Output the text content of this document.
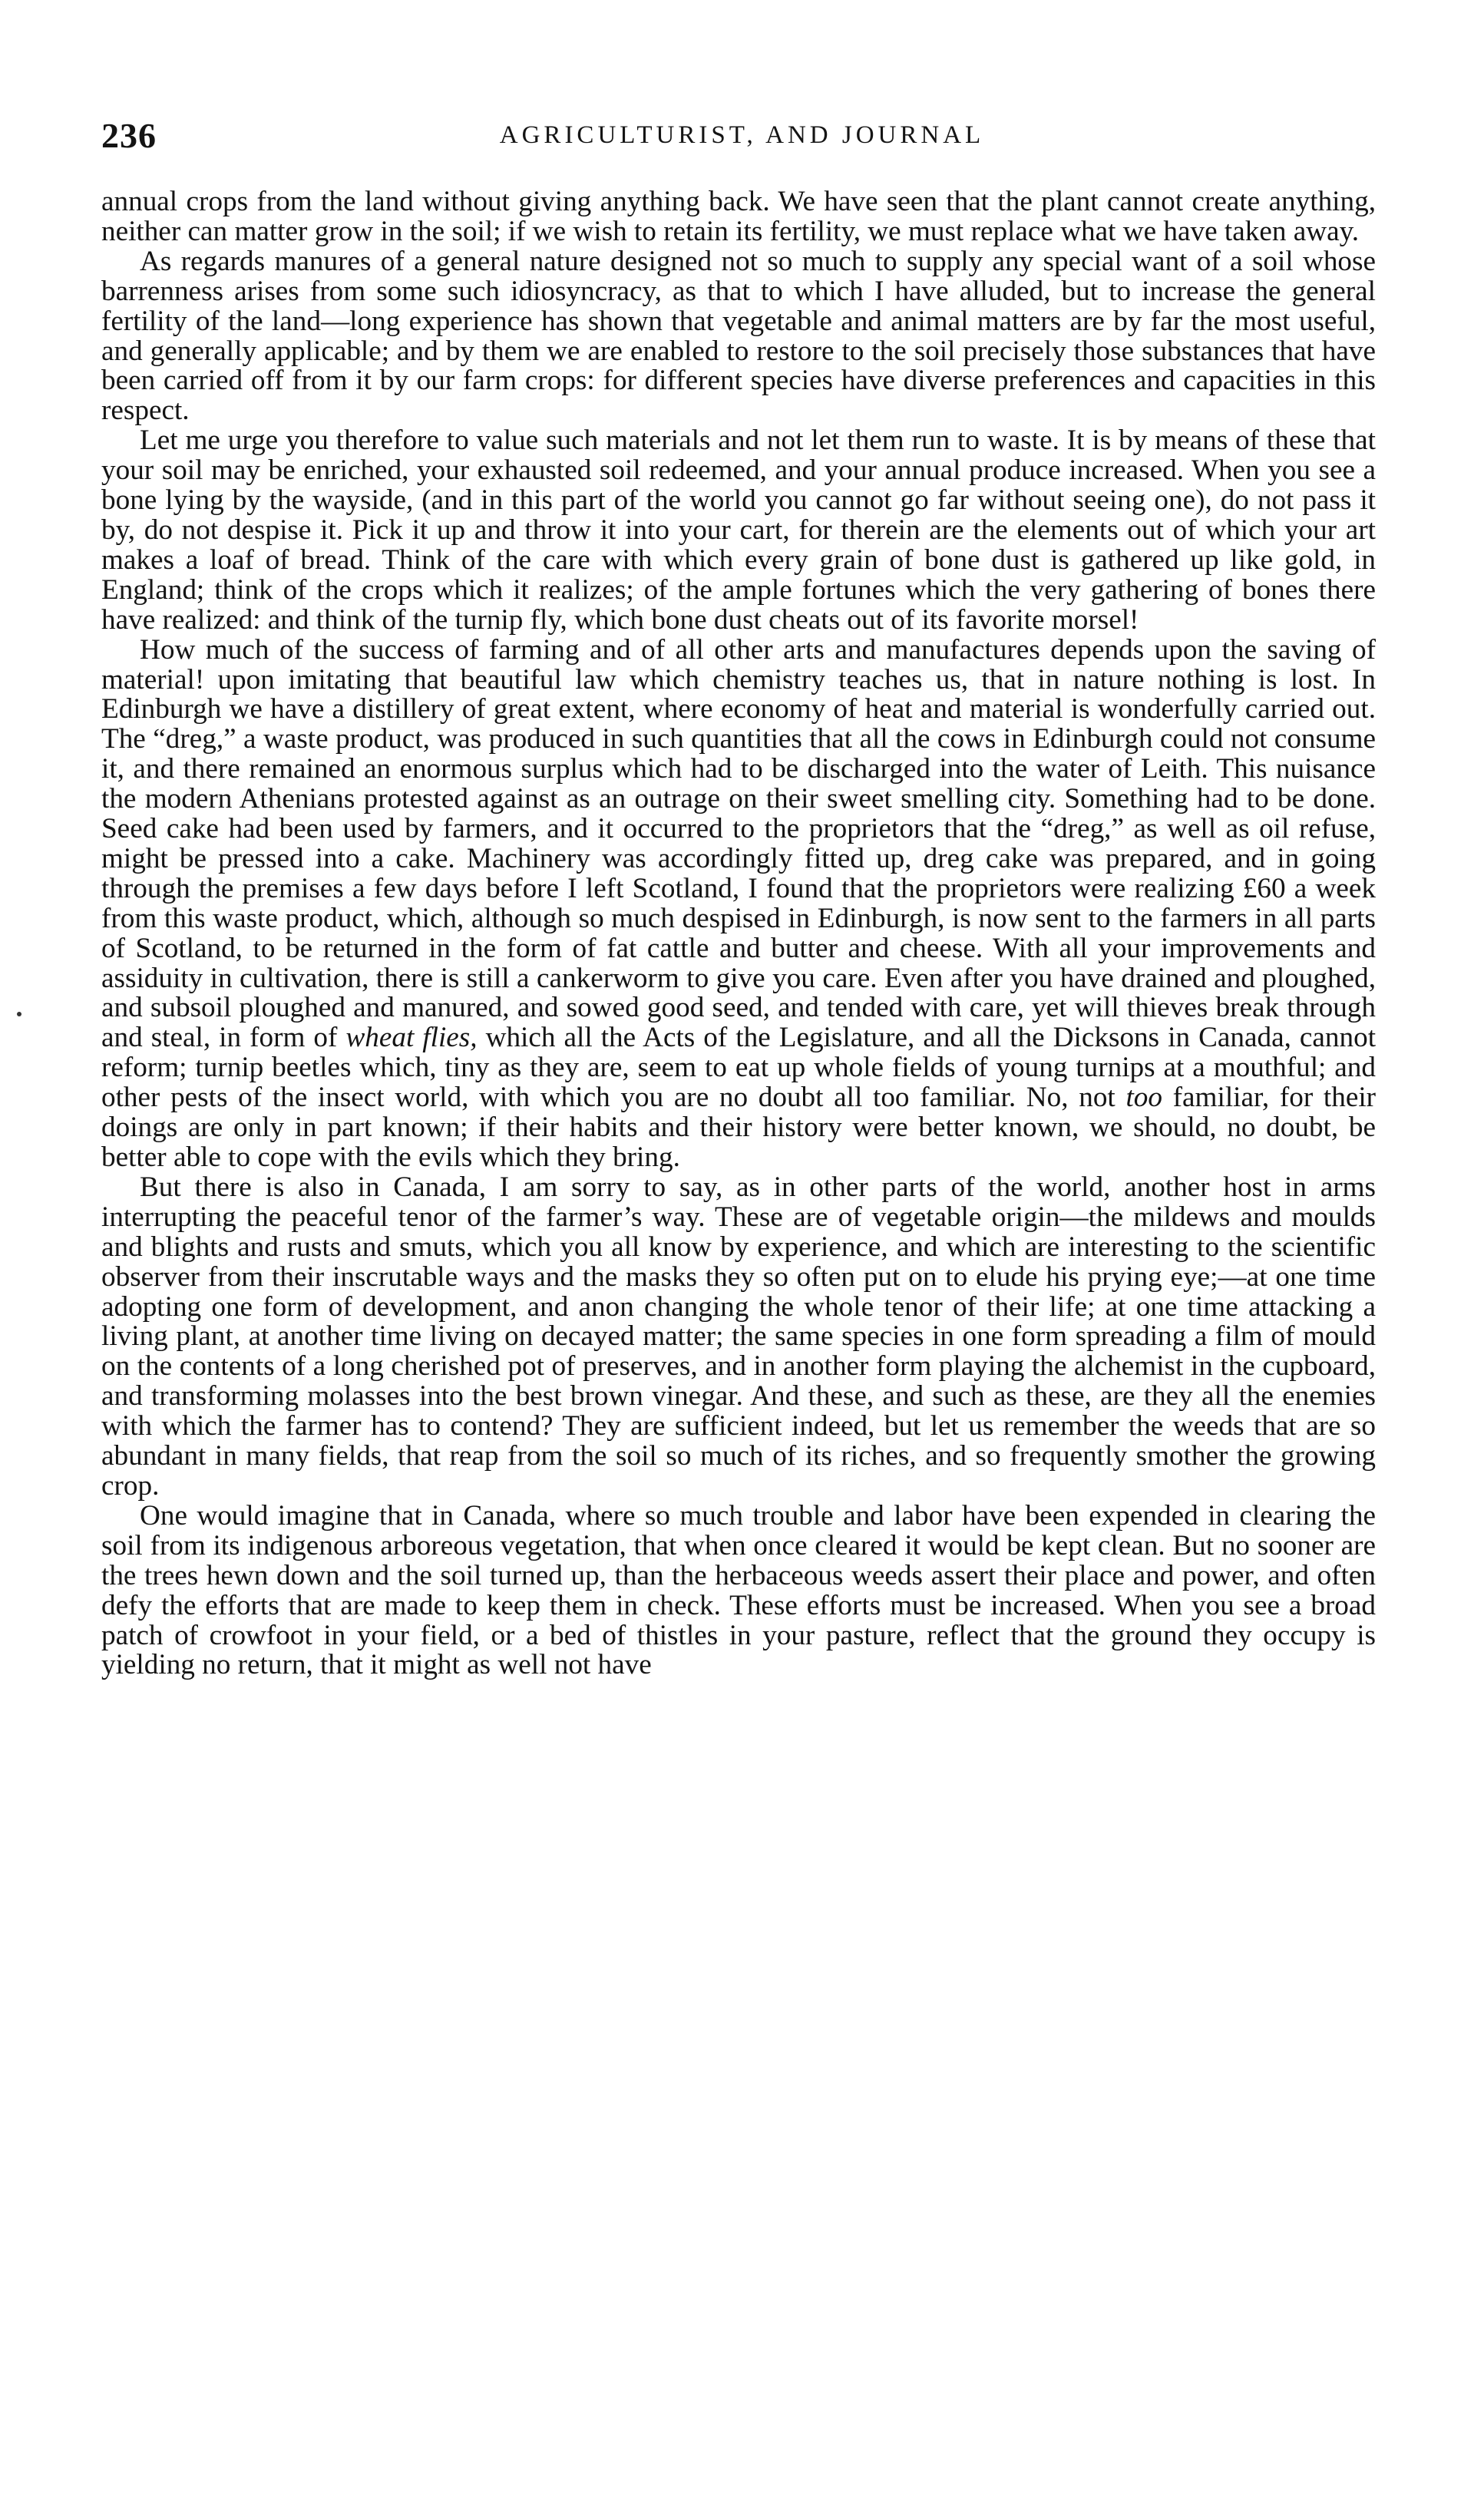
236	AGRICULTURIST, AND JOURNAL

annual crops from the land without giving anything back. We have seen that the plant cannot create anything, neither can matter grow in the soil; if we wish to retain its fertility, we must replace what we have taken away.

As regards manures of a general nature designed not so much to supply any special want of a soil whose barrenness arises from some such idiosyncracy, as that to which I have alluded, but to increase the general fertility of the land—long experience has shown that vegetable and animal matters are by far the most useful, and generally applicable; and by them we are enabled to restore to the soil precisely those substances that have been carried off from it by our farm crops: for different species have diverse preferences and capacities in this respect.

Let me urge you therefore to value such materials and not let them run to waste. It is by means of these that your soil may be enriched, your exhausted soil redeemed, and your annual produce increased. When you see a bone lying by the wayside, (and in this part of the world you cannot go far without seeing one), do not pass it by, do not despise it. Pick it up and throw it into your cart, for therein are the elements out of which your art makes a loaf of bread. Think of the care with which every grain of bone dust is gathered up like gold, in England; think of the crops which it realizes; of the ample fortunes which the very gathering of bones there have realized: and think of the turnip fly, which bone dust cheats out of its favorite morsel!

How much of the success of farming and of all other arts and manufactures depends upon the saving of material! upon imitating that beautiful law which chemistry teaches us, that in nature nothing is lost. In Edinburgh we have a distillery of great extent, where economy of heat and material is wonderfully carried out. The “dreg,” a waste product, was produced in such quantities that all the cows in Edinburgh could not consume it, and there remained an enormous surplus which had to be discharged into the water of Leith. This nuisance the modern Athenians protested against as an outrage on their sweet smelling city. Something had to be done. Seed cake had been used by farmers, and it occurred to the proprietors that the “dreg,” as well as oil refuse, might be pressed into a cake. Machinery was accordingly fitted up, dreg cake was prepared, and in going through the premises a few days before I left Scotland, I found that the proprietors were realizing £60 a week from this waste product, which, although so much despised in Edinburgh, is now sent to the farmers in all parts of Scotland, to be returned in the form of fat cattle and butter and cheese. With all your improvements and assiduity in cultivation, there is still a cankerworm to give you care. Even after you have drained and ploughed, and subsoil ploughed and manured, and sowed good seed, and tended with care, yet will thieves break through and steal, in form of wheat flies, which all the Acts of the Legislature, and all the Dicksons in Canada, cannot reform; turnip beetles which, tiny as they are, seem to eat up whole fields of young turnips at a mouthful; and other pests of the insect world, with which you are no doubt all too familiar. No, not too familiar, for their doings are only in part known; if their habits and their history were better known, we should, no doubt, be better able to cope with the evils which they bring.

But there is also in Canada, I am sorry to say, as in other parts of the world, another host in arms interrupting the peaceful tenor of the farmer’s way. These are of vegetable origin—the mildews and moulds and blights and rusts and smuts, which you all know by experience, and which are interesting to the scientific observer from their inscrutable ways and the masks they so often put on to elude his prying eye;—at one time adopting one form of development, and anon changing the whole tenor of their life; at one time attacking a living plant, at another time living on decayed matter; the same species in one form spreading a film of mould on the contents of a long cherished pot of preserves, and in another form playing the alchemist in the cupboard, and transforming molasses into the best brown vinegar. And these, and such as these, are they all the enemies with which the farmer has to contend? They are sufficient indeed, but let us remember the weeds that are so abundant in many fields, that reap from the soil so much of its riches, and so frequently smother the growing crop.

One would imagine that in Canada, where so much trouble and labor have been expended in clearing the soil from its indigenous arboreous vegetation, that when once cleared it would be kept clean. But no sooner are the trees hewn down and the soil turned up, than the herbaceous weeds assert their place and power, and often defy the efforts that are made to keep them in check. These efforts must be increased. When you see a broad patch of crowfoot in your field, or a bed of thistles in your pasture, reflect that the ground they occupy is yielding no return, that it might as well not have
